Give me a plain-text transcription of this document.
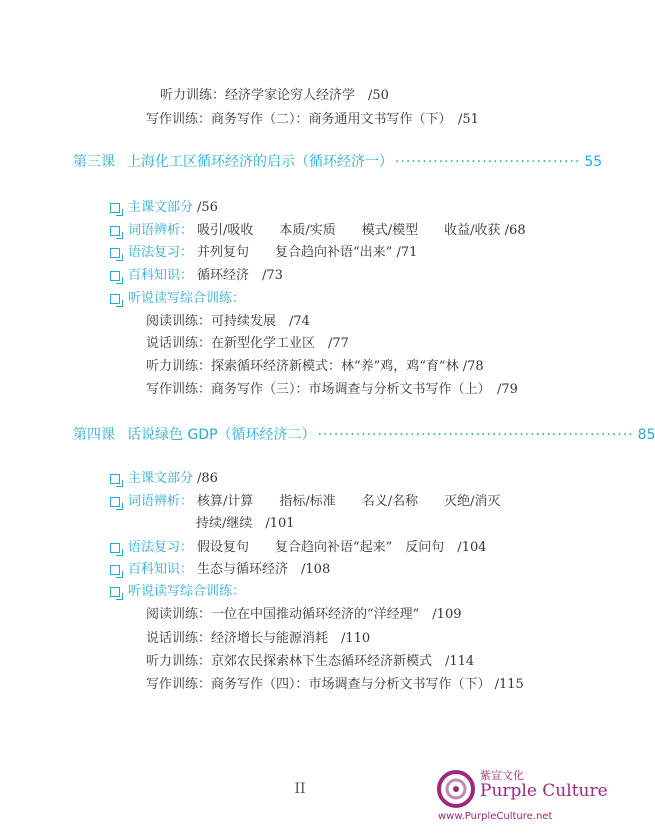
听力训练：经济学家论穷人经济学　/50
写作训练：商务写作（二）：商务通用文书写作（下）　/51
第三课 上海化工区循环经济的启示（循环经济一） ·································· 55
主课文部分 /56
词语辨析： 吸引/吸收　　本质/实质　　模式/模型　　收益/收获 /68
语法复习： 并列复句　　复合趋向补语“出来” /71
百科知识： 循环经济　/73
听说读写综合训练：
阅读训练：可持续发展　/74
说话训练：在新型化学工业区　/77
听力训练：探索循环经济新模式：林“养”鸡，鸡“育”林 /78
写作训练：商务写作（三）：市场调查与分析文书写作（上）　/79
第四课 话说绿色 GDP（循环经济二） ·························································· 85
主课文部分 /86
词语辨析： 核算/计算　　指标/标准　　名义/名称　　灭绝/消灭
持续/继续　/101
语法复习： 假设复句　　复合趋向补语“起来”　反问句　/104
百科知识： 生态与循环经济　/108
听说读写综合训练：
阅读训练：一位在中国推动循环经济的“洋经理”　/109
说话训练：经济增长与能源消耗　/110
听力训练：京郊农民探索林下生态循环经济新模式　/114
写作训练：商务写作（四）：市场调查与分析文书写作（下） /115
II
紫宣文化
Purple Culture
www.PurpleCulture.net
